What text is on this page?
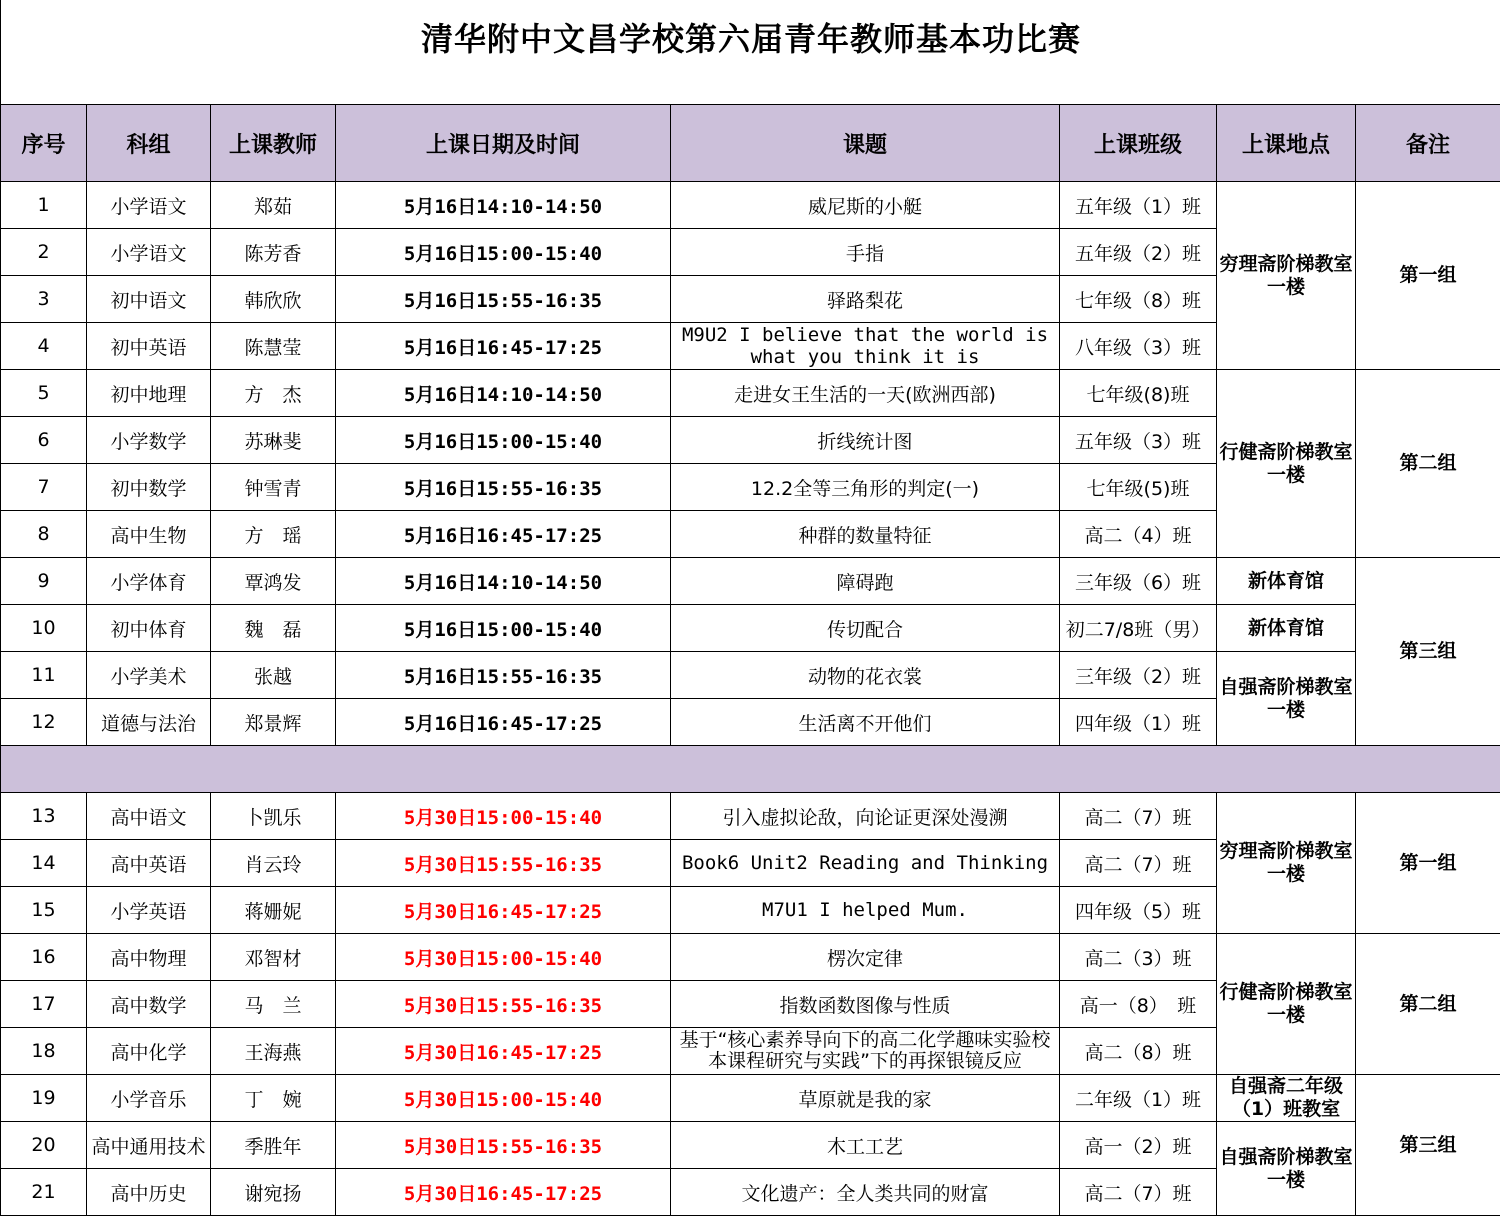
清华附中文昌学校第六届青年教师基本功比赛
序号	科组	上课教师	上课日期及时间	课题	上课班级	上课地点	备注
1	小学语文	郑茹	5月16日14:10-14:50	威尼斯的小艇	五年级（1）班	穷理斋阶梯教室一楼	第一组
2	小学语文	陈芳香	5月16日15:00-15:40	手指	五年级（2）班		
3	初中语文	韩欣欣	5月16日15:55-16:35	驿路梨花	七年级（8）班		
4	初中英语	陈慧莹	5月16日16:45-17:25	M9U2 I believe that the world is what you think it is	八年级（3）班		
5	初中地理	方　杰	5月16日14:10-14:50	走进女王生活的一天(欧洲西部)	七年级(8)班	行健斋阶梯教室一楼	第二组
6	小学数学	苏琳斐	5月16日15:00-15:40	折线统计图	五年级（3）班		
7	初中数学	钟雪青	5月16日15:55-16:35	12.2全等三角形的判定(一)	七年级(5)班		
8	高中生物	方　瑶	5月16日16:45-17:25	种群的数量特征	高二（4）班		
9	小学体育	覃鸿发	5月16日14:10-14:50	障碍跑	三年级（6）班	新体育馆	第三组
10	初中体育	魏　磊	5月16日15:00-15:40	传切配合	初二7/8班（男）	新体育馆	
11	小学美术	张越	5月16日15:55-16:35	动物的花衣裳	三年级（2）班	自强斋阶梯教室一楼	
12	道德与法治	郑景辉	5月16日16:45-17:25	生活离不开他们	四年级（1）班		

13	高中语文	卜凯乐	5月30日15:00-15:40	引入虚拟论敌，向论证更深处漫溯	高二（7）班	穷理斋阶梯教室一楼	第一组
14	高中英语	肖云玲	5月30日15:55-16:35	Book6 Unit2 Reading and Thinking	高二（7）班		
15	小学英语	蒋姗妮	5月30日16:45-17:25	M7U1 I helped Mum.	四年级（5）班		
16	高中物理	邓智材	5月30日15:00-15:40	楞次定律	高二（3）班	行健斋阶梯教室一楼	第二组
17	高中数学	马　兰	5月30日15:55-16:35	指数函数图像与性质	高一（8）　班		
18	高中化学	王海燕	5月30日16:45-17:25	基于“核心素养导向下的高二化学趣味实验校本课程研究与实践”下的再探银镜反应	高二（8）班		
19	小学音乐	丁　婉	5月30日15:00-15:40	草原就是我的家	二年级（1）班	自强斋二年级（1）班教室	第三组
20	高中通用技术	季胜年	5月30日15:55-16:35	木工工艺	高一（2）班	自强斋阶梯教室一楼	
21	高中历史	谢宛扬	5月30日16:45-17:25	文化遗产：全人类共同的财富	高二（7）班		
